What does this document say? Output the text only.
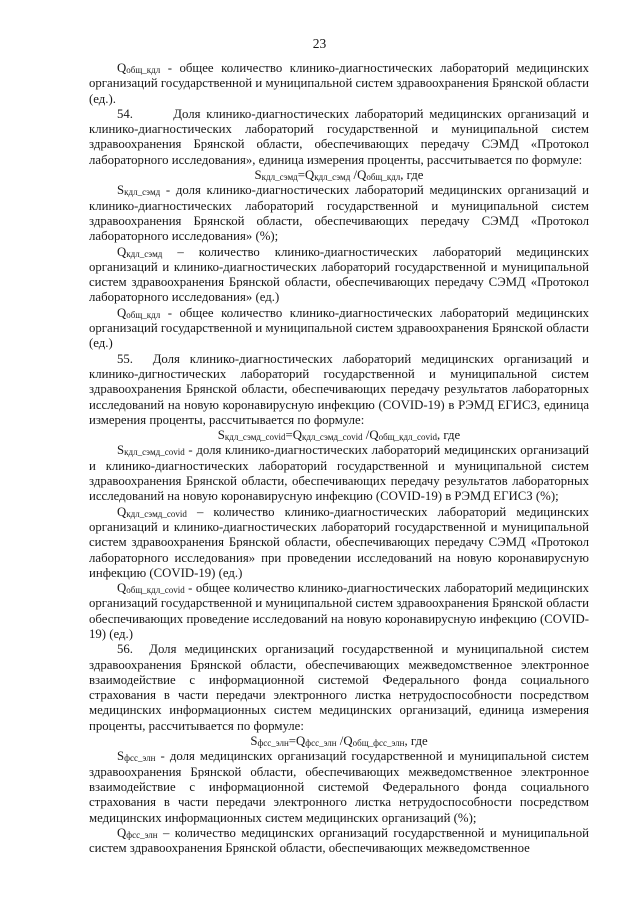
23

$Q_{общ\_кдл}$ - общее количество клинико-диагностических лабораторий медицинских организаций государственной и муниципальной систем здравоохранения Брянской области (ед.).

54.       Доля клинико-диагностических лабораторий медицинских организаций и клинико-диагностических лабораторий государственной и муниципальной систем здравоохранения Брянской области, обеспечивающих передачу СЭМД «Протокол лабораторного исследования», единица измерения проценты, рассчитывается по формуле:

$S_{кдл\_сэмд}=Q_{кдл\_сэмд}$ $/Q_{общ\_кдл}$, где

$S_{кдл\_сэмд}$ - доля клинико-диагностических лабораторий медицинских организаций и клинико-диагностических лабораторий государственной и муниципальной систем здравоохранения Брянской области, обеспечивающих передачу СЭМД «Протокол лабораторного исследования» (%);

$Q_{кдл\_сэмд}$ – количество клинико-диагностических лабораторий медицинских организаций и клинико-диагностических лабораторий государственной и муниципальной систем здравоохранения Брянской области, обеспечивающих передачу СЭМД «Протокол лабораторного исследования» (ед.)

$Q_{общ\_кдл}$ - общее количество клинико-диагностических лабораторий медицинских организаций государственной и муниципальной систем здравоохранения Брянской области (ед.)

55.  Доля клинико-диагностических лабораторий медицинских организаций и клинико-дигностических лабораторий государственной и муниципальной систем здравоохранения Брянской области, обеспечивающих передачу результатов лабораторных исследований на новую коронавирусную инфекцию (COVID-19) в РЭМД ЕГИСЗ, единица измерения проценты, рассчитывается по формуле:

$S_{кдл\_сэмд\_covid}=Q_{кдл\_сэмд\_covid}$ $/Q_{общ\_кдл\_covid}$, где

$S_{кдл\_сэмд\_covid}$ - доля клинико-диагностических лабораторий медицинских организаций и клинико-диагностических лабораторий государственной и муниципальной систем здравоохранения Брянской области, обеспечивающих передачу результатов лабораторных исследований на новую коронавирусную инфекцию (COVID-19) в РЭМД ЕГИСЗ (%);

$Q_{кдл\_сэмд\_covid}$ – количество клинико-диагностических лабораторий медицинских организаций и клинико-диагностических лабораторий государственной и муниципальной систем здравоохранения Брянской области, обеспечивающих передачу СЭМД «Протокол лабораторного исследования» при проведении исследований на новую коронавирусную инфекцию (COVID-19) (ед.)

$Q_{общ\_кдл\_covid}$ - общее количество клинико-диагностических лабораторий медицинских организаций государственной и муниципальной систем здравоохранения Брянской области обеспечивающих проведение исследований на новую коронавирусную инфекцию (COVID-19) (ед.)

56.  Доля медицинских организаций государственной и муниципальной систем здравоохранения Брянской области, обеспечивающих межведомственное электронное взаимодействие с информационной системой Федерального фонда социального страхования в части передачи электронного листка нетрудоспособности посредством медицинских информационных систем медицинских организаций, единица измерения проценты, рассчитывается по формуле:

$S_{фсс\_элн}=Q_{фсс\_элн}$ $/Q_{общ\_фсс\_элн}$, где

$S_{фсс\_элн}$ - доля медицинских организаций государственной и муниципальной систем здравоохранения Брянской области, обеспечивающих межведомственное электронное взаимодействие с информационной системой Федерального фонда социального страхования в части передачи электронного листка нетрудоспособности посредством медицинских информационных систем медицинских организаций (%);

$Q_{фсс\_элн}$ – количество медицинских организаций государственной и муниципальной систем здравоохранения Брянской области, обеспечивающих межведомственное
